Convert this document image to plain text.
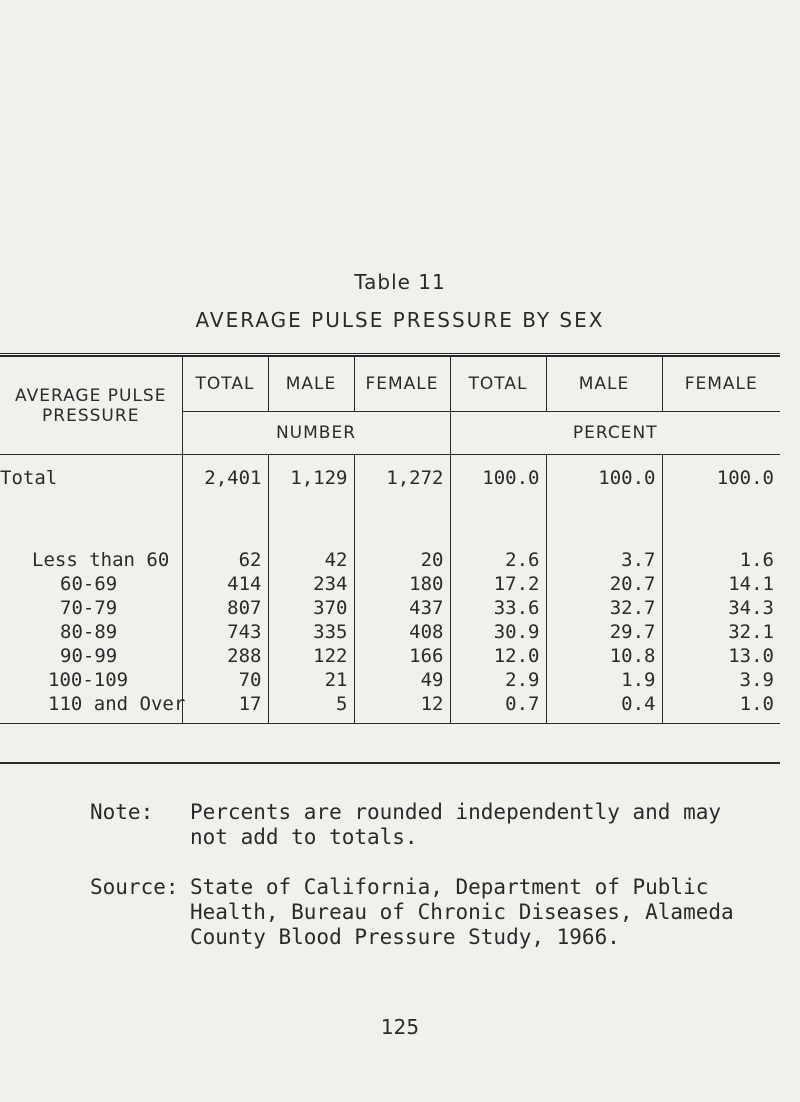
Table 11
AVERAGE PULSE PRESSURE BY SEX
AVERAGE PULSE PRESSURE	TOTAL	MALE	FEMALE	TOTAL	MALE	FEMALE
	NUMBER			PERCENT		
Total	2,401	1,129	1,272	100.0	100.0	100.0

Less than 60	62	42	20	2.6	3.7	1.6
60-69	414	234	180	17.2	20.7	14.1
70-79	807	370	437	33.6	32.7	34.3
80-89	743	335	408	30.9	29.7	32.1
90-99	288	122	166	12.0	10.8	13.0
100-109	70	21	49	2.9	1.9	3.9
110 and Over	17	5	12	0.7	0.4	1.0
Note: Percents are rounded independently and may not add to totals.
Source: State of California, Department of Public Health, Bureau of Chronic Diseases, Alameda County Blood Pressure Study, 1966.
125
